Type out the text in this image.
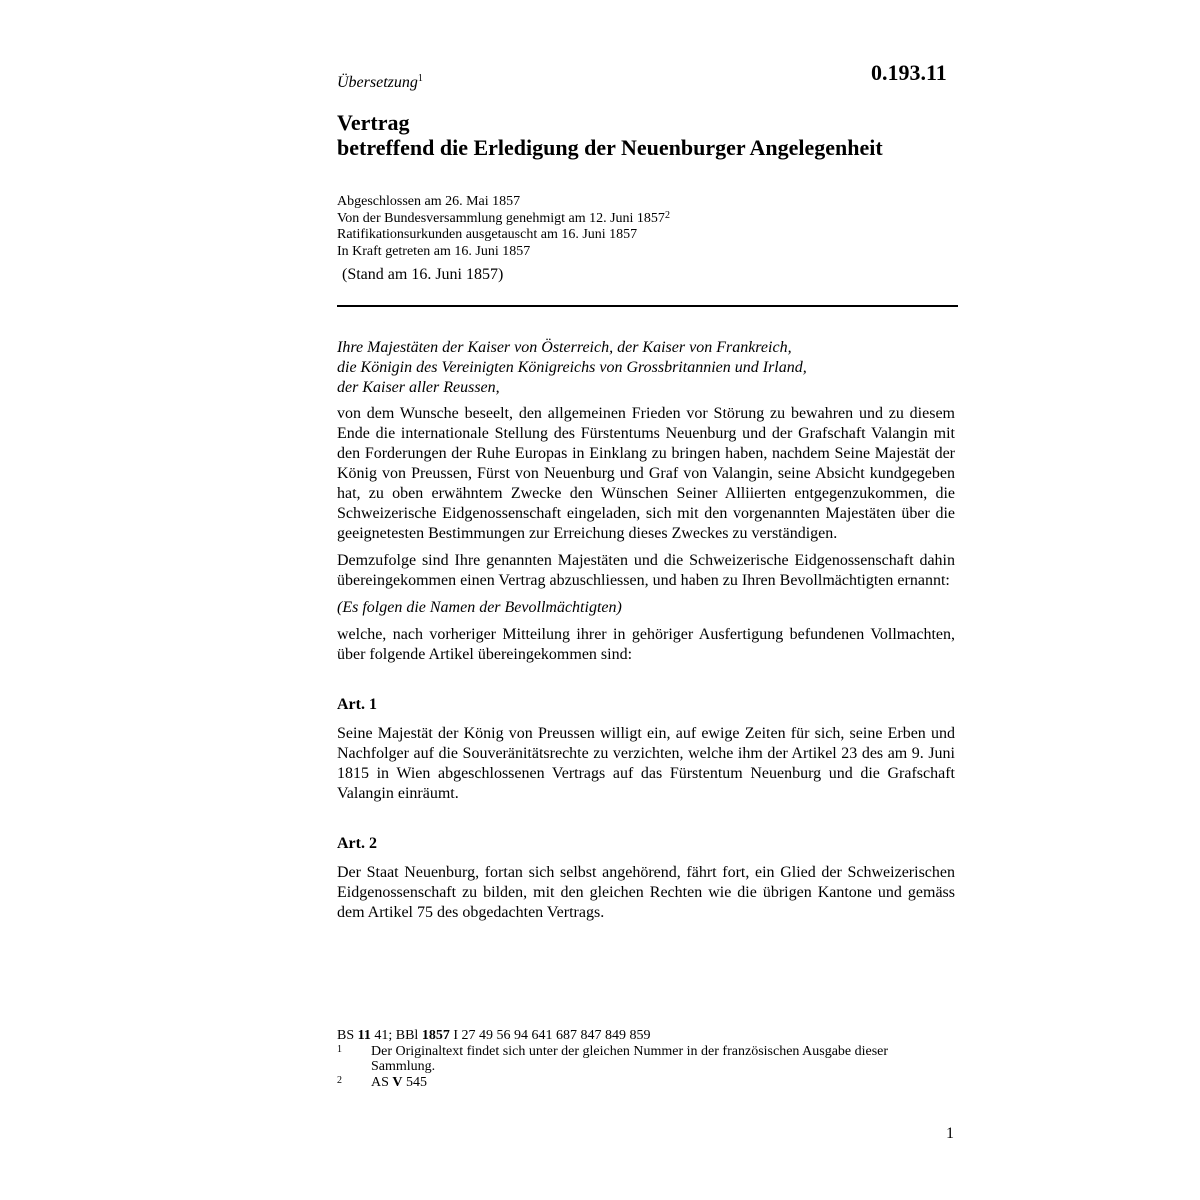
Übersetzung$^1$	0.193.11
Vertrag
betreffend die Erledigung der Neuenburger Angelegenheit
Abgeschlossen am 26. Mai 1857
Von der Bundesversammlung genehmigt am 12. Juni 1857$^2$
Ratifikationsurkunden ausgetauscht am 16. Juni 1857
In Kraft getreten am 16. Juni 1857
(Stand am 16. Juni 1857)

Ihre Majestäten der Kaiser von Österreich, der Kaiser von Frankreich,
die Königin des Vereinigten Königreichs von Grossbritannien und Irland,
der Kaiser aller Reussen,

von dem Wunsche beseelt, den allgemeinen Frieden vor Störung zu bewahren und zu diesem Ende die internationale Stellung des Fürstentums Neuenburg und der Grafschaft Valangin mit den Forderungen der Ruhe Europas in Einklang zu bringen haben, nachdem Seine Majestät der König von Preussen, Fürst von Neuenburg und Graf von Valangin, seine Absicht kundgegeben hat, zu oben erwähntem Zwecke den Wünschen Seiner Alliierten entgegenzukommen, die Schweizerische Eidgenossenschaft eingeladen, sich mit den vorgenannten Majestäten über die geeignetesten Bestimmungen zur Erreichung dieses Zweckes zu verständigen.

Demzufolge sind Ihre genannten Majestäten und die Schweizerische Eidgenossenschaft dahin übereingekommen einen Vertrag abzuschliessen, und haben zu Ihren Bevollmächtigten ernannt:

(Es folgen die Namen der Bevollmächtigten)

welche, nach vorheriger Mitteilung ihrer in gehöriger Ausfertigung befundenen Vollmachten, über folgende Artikel übereingekommen sind:

Art. 1

Seine Majestät der König von Preussen willigt ein, auf ewige Zeiten für sich, seine Erben und Nachfolger auf die Souveränitätsrechte zu verzichten, welche ihm der Artikel 23 des am 9. Juni 1815 in Wien abgeschlossenen Vertrags auf das Fürstentum Neuenburg und die Grafschaft Valangin einräumt.

Art. 2

Der Staat Neuenburg, fortan sich selbst angehörend, fährt fort, ein Glied der Schweizerischen Eidgenossenschaft zu bilden, mit den gleichen Rechten wie die übrigen Kantone und gemäss dem Artikel 75 des obgedachten Vertrags.

BS 11 41; BBl 1857 I 27 49 56 94 641 687 847 849 859
1 Der Originaltext findet sich unter der gleichen Nummer in der französischen Ausgabe dieser Sammlung.
2 AS V 545
1
